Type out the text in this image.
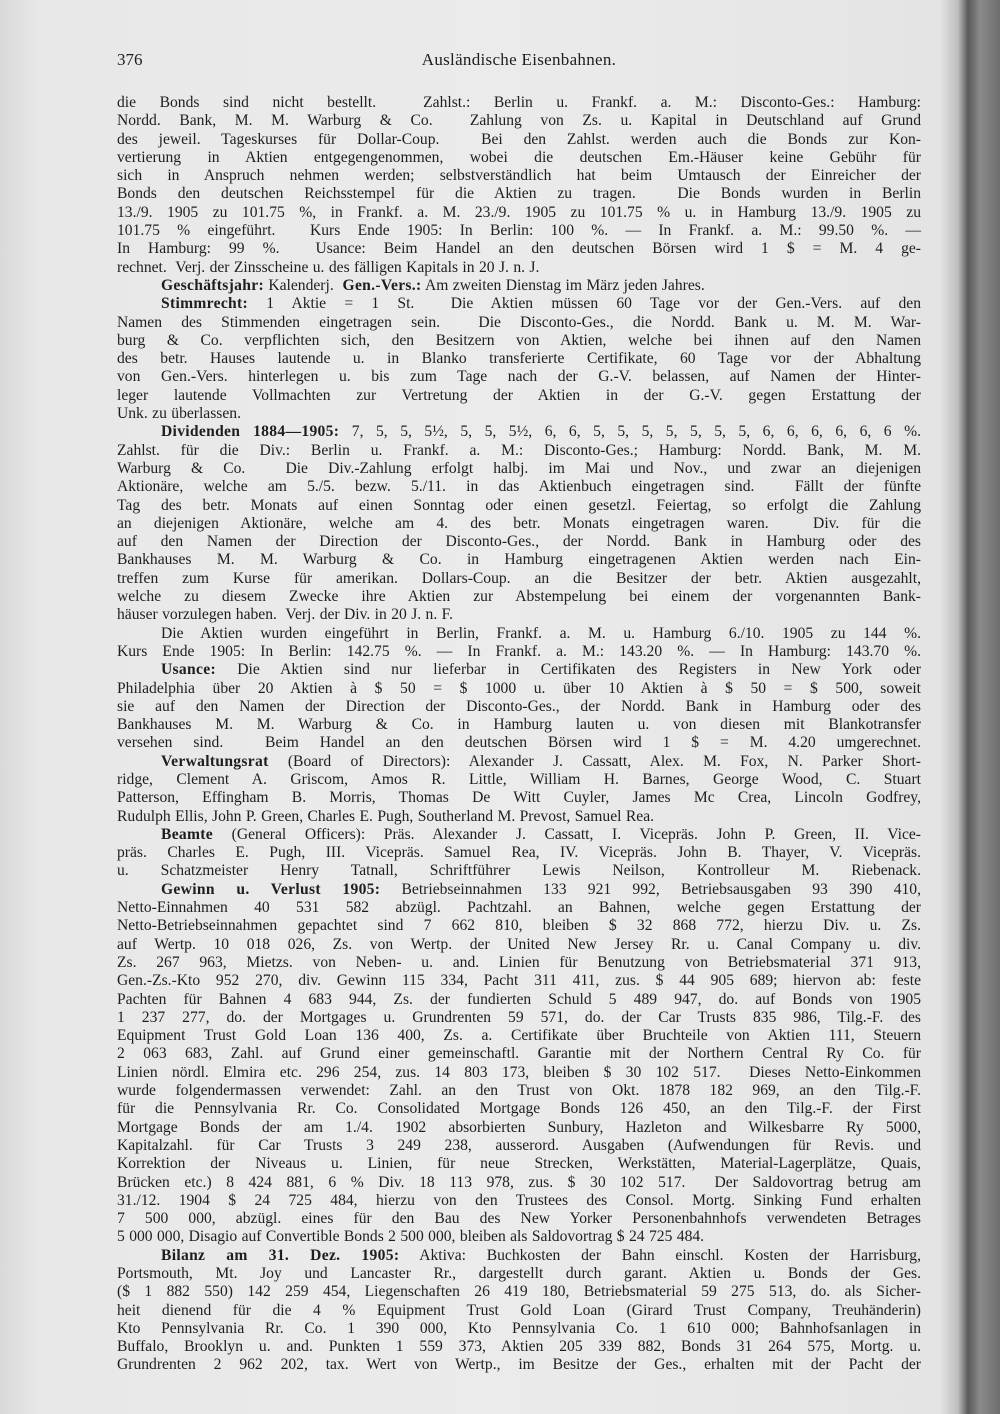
376	Ausländische Eisenbahnen.
die Bonds sind nicht bestellt.  Zahlst.: Berlin u. Frankf. a. M.: Disconto-Ges.: Hamburg:
Nordd. Bank, M. M. Warburg & Co.  Zahlung von Zs. u. Kapital in Deutschland auf Grund
des jeweil. Tageskurses für Dollar-Coup.  Bei den Zahlst. werden auch die Bonds zur Kon-
vertierung in Aktien entgegengenommen, wobei die deutschen Em.-Häuser keine Gebühr für
sich in Anspruch nehmen werden; selbstverständlich hat beim Umtausch der Einreicher der
Bonds den deutschen Reichsstempel für die Aktien zu tragen.  Die Bonds wurden in Berlin
13./9. 1905 zu 101.75 %, in Frankf. a. M. 23./9. 1905 zu 101.75 % u. in Hamburg 13./9. 1905 zu
101.75 % eingeführt.  Kurs Ende 1905: In Berlin: 100 %. — In Frankf. a. M.: 99.50 %. —
In Hamburg: 99 %.  Usance: Beim Handel an den deutschen Börsen wird 1 $ = M. 4 ge-
rechnet.  Verj. der Zinsscheine u. des fälligen Kapitals in 20 J. n. J.
Geschäftsjahr: Kalenderj.  Gen.-Vers.: Am zweiten Dienstag im März jeden Jahres.
Stimmrecht: 1 Aktie = 1 St.  Die Aktien müssen 60 Tage vor der Gen.-Vers. auf den
Namen des Stimmenden eingetragen sein.  Die Disconto-Ges., die Nordd. Bank u. M. M. War-
burg & Co. verpflichten sich, den Besitzern von Aktien, welche bei ihnen auf den Namen
des betr. Hauses lautende u. in Blanko transferierte Certifikate, 60 Tage vor der Abhaltung
von Gen.-Vers. hinterlegen u. bis zum Tage nach der G.-V. belassen, auf Namen der Hinter-
leger lautende Vollmachten zur Vertretung der Aktien in der G.-V. gegen Erstattung der
Unk. zu überlassen.
Dividenden 1884—1905: 7, 5, 5, 5½, 5, 5, 5½, 6, 6, 5, 5, 5, 5, 5, 5, 5, 6, 6, 6, 6, 6, 6 %.
Zahlst. für die Div.: Berlin u. Frankf. a. M.: Disconto-Ges.; Hamburg: Nordd. Bank, M. M.
Warburg & Co.  Die Div.-Zahlung erfolgt halbj. im Mai und Nov., und zwar an diejenigen
Aktionäre, welche am 5./5. bezw. 5./11. in das Aktienbuch eingetragen sind.  Fällt der fünfte
Tag des betr. Monats auf einen Sonntag oder einen gesetzl. Feiertag, so erfolgt die Zahlung
an diejenigen Aktionäre, welche am 4. des betr. Monats eingetragen waren.  Div. für die
auf den Namen der Direction der Disconto-Ges., der Nordd. Bank in Hamburg oder des
Bankhauses M. M. Warburg & Co. in Hamburg eingetragenen Aktien werden nach Ein-
treffen zum Kurse für amerikan. Dollars-Coup. an die Besitzer der betr. Aktien ausgezahlt,
welche zu diesem Zwecke ihre Aktien zur Abstempelung bei einem der vorgenannten Bank-
häuser vorzulegen haben.  Verj. der Div. in 20 J. n. F.
Die Aktien wurden eingeführt in Berlin, Frankf. a. M. u. Hamburg 6./10. 1905 zu 144 %.
Kurs Ende 1905: In Berlin: 142.75 %. — In Frankf. a. M.: 143.20 %. — In Hamburg: 143.70 %.
Usance: Die Aktien sind nur lieferbar in Certifikaten des Registers in New York oder
Philadelphia über 20 Aktien à $ 50 = $ 1000 u. über 10 Aktien à $ 50 = $ 500, soweit
sie auf den Namen der Direction der Disconto-Ges., der Nordd. Bank in Hamburg oder des
Bankhauses M. M. Warburg & Co. in Hamburg lauten u. von diesen mit Blankotransfer
versehen sind.  Beim Handel an den deutschen Börsen wird 1 $ = M. 4.20 umgerechnet.
Verwaltungsrat (Board of Directors): Alexander J. Cassatt, Alex. M. Fox, N. Parker Short-
ridge, Clement A. Griscom, Amos R. Little, William H. Barnes, George Wood, C. Stuart
Patterson, Effingham B. Morris, Thomas De Witt Cuyler, James Mc Crea, Lincoln Godfrey,
Rudulph Ellis, John P. Green, Charles E. Pugh, Southerland M. Prevost, Samuel Rea.
Beamte (General Officers): Präs. Alexander J. Cassatt, I. Vicepräs. John P. Green, II. Vice-
präs. Charles E. Pugh, III. Vicepräs. Samuel Rea, IV. Vicepräs. John B. Thayer, V. Vicepräs.
u. Schatzmeister Henry Tatnall, Schriftführer Lewis Neilson, Kontrolleur M. Riebenack.
Gewinn u. Verlust 1905: Betriebseinnahmen 133 921 992, Betriebsausgaben 93 390 410,
Netto-Einnahmen 40 531 582 abzügl. Pachtzahl. an Bahnen, welche gegen Erstattung der
Netto-Betriebseinnahmen gepachtet sind 7 662 810, bleiben $ 32 868 772, hierzu Div. u. Zs.
auf Wertp. 10 018 026, Zs. von Wertp. der United New Jersey Rr. u. Canal Company u. div.
Zs. 267 963, Mietzs. von Neben- u. and. Linien für Benutzung von Betriebsmaterial 371 913,
Gen.-Zs.-Kto 952 270, div. Gewinn 115 334, Pacht 311 411, zus. $ 44 905 689; hiervon ab: feste
Pachten für Bahnen 4 683 944, Zs. der fundierten Schuld 5 489 947, do. auf Bonds von 1905
1 237 277, do. der Mortgages u. Grundrenten 59 571, do. der Car Trusts 835 986, Tilg.-F. des
Equipment Trust Gold Loan 136 400, Zs. a. Certifikate über Bruchteile von Aktien 111, Steuern
2 063 683, Zahl. auf Grund einer gemeinschaftl. Garantie mit der Northern Central Ry Co. für
Linien nördl. Elmira etc. 296 254, zus. 14 803 173, bleiben $ 30 102 517.  Dieses Netto-Einkommen
wurde folgendermassen verwendet: Zahl. an den Trust von Okt. 1878 182 969, an den Tilg.-F.
für die Pennsylvania Rr. Co. Consolidated Mortgage Bonds 126 450, an den Tilg.-F. der First
Mortgage Bonds der am 1./4. 1902 absorbierten Sunbury, Hazleton and Wilkesbarre Ry 5000,
Kapitalzahl. für Car Trusts 3 249 238, ausserord. Ausgaben (Aufwendungen für Revis. und
Korrektion der Niveaus u. Linien, für neue Strecken, Werkstätten, Material-Lagerplätze, Quais,
Brücken etc.) 8 424 881, 6 % Div. 18 113 978, zus. $ 30 102 517.  Der Saldovortrag betrug am
31./12. 1904 $ 24 725 484, hierzu von den Trustees des Consol. Mortg. Sinking Fund erhalten
7 500 000, abzügl. eines für den Bau des New Yorker Personenbahnhofs verwendeten Betrages
5 000 000, Disagio auf Convertible Bonds 2 500 000, bleiben als Saldovortrag $ 24 725 484.
Bilanz am 31. Dez. 1905: Aktiva: Buchkosten der Bahn einschl. Kosten der Harrisburg,
Portsmouth, Mt. Joy und Lancaster Rr., dargestellt durch garant. Aktien u. Bonds der Ges.
($ 1 882 550) 142 259 454, Liegenschaften 26 419 180, Betriebsmaterial 59 275 513, do. als Sicher-
heit dienend für die 4 % Equipment Trust Gold Loan (Girard Trust Company, Treuhänderin)
Kto Pennsylvania Rr. Co. 1 390 000, Kto Pennsylvania Co. 1 610 000; Bahnhofsanlagen in
Buffalo, Brooklyn u. and. Punkten 1 559 373, Aktien 205 339 882, Bonds 31 264 575, Mortg. u.
Grundrenten 2 962 202, tax. Wert von Wertp., im Besitze der Ges., erhalten mit der Pacht der
